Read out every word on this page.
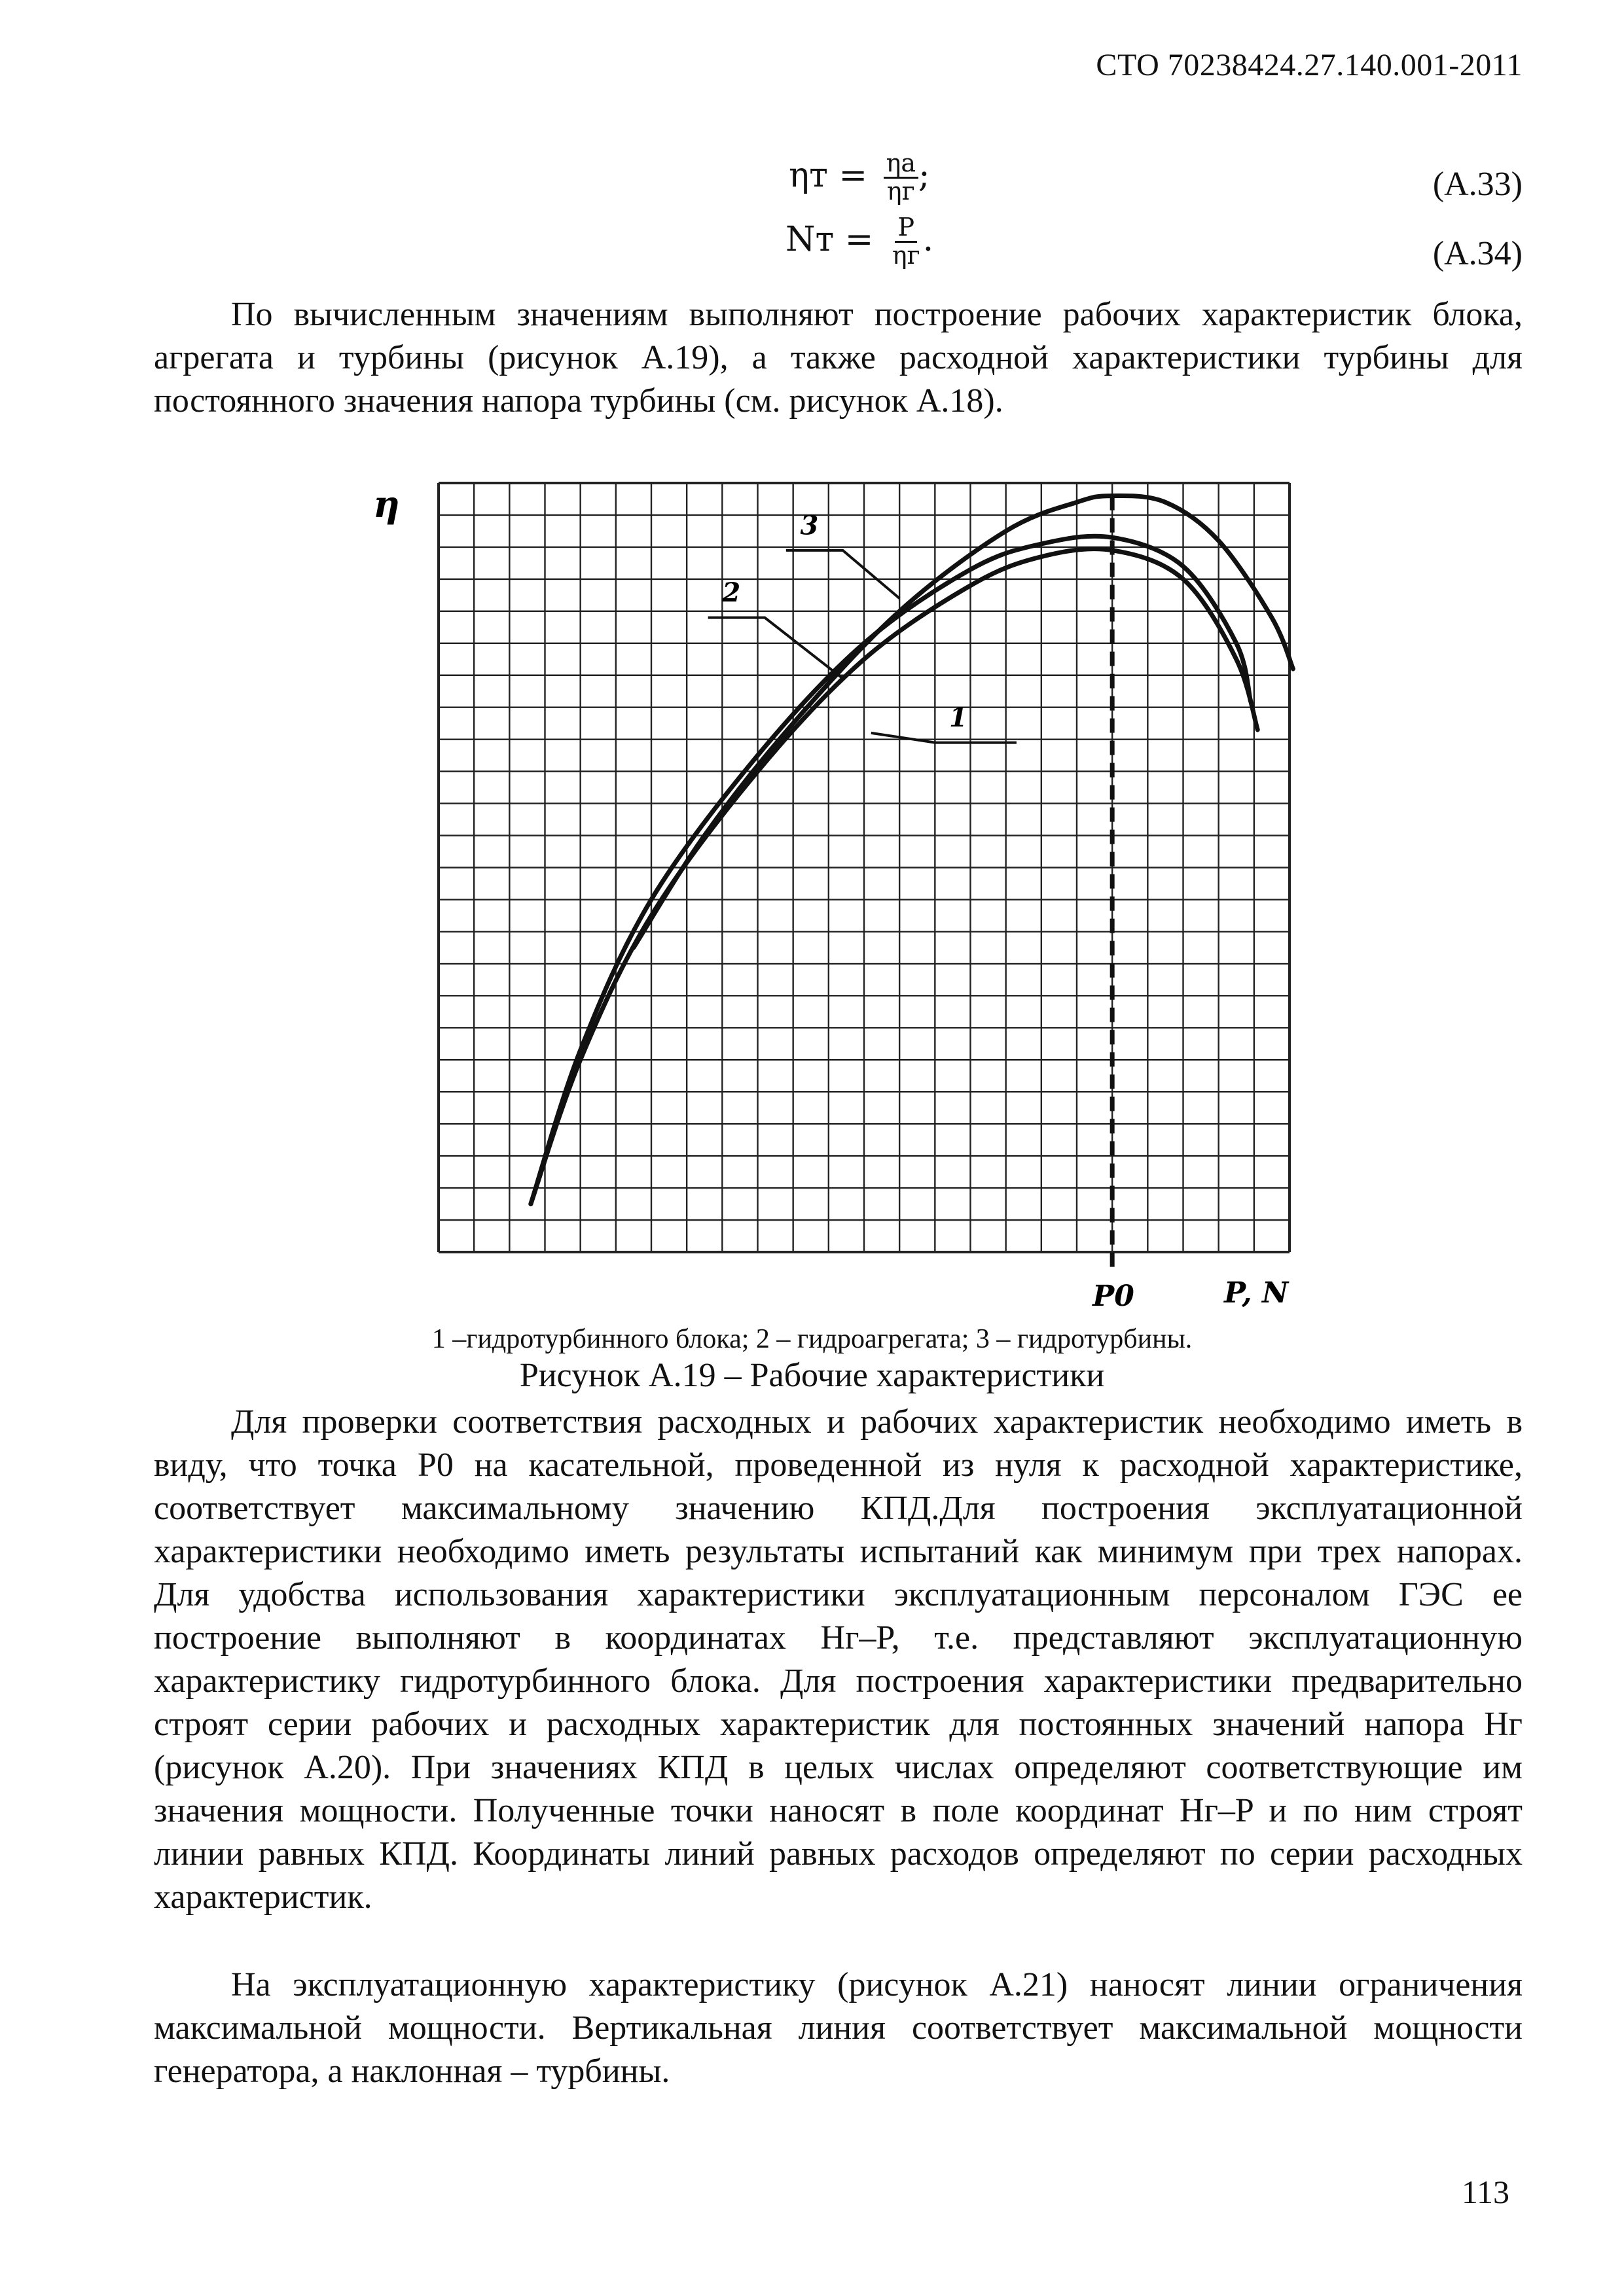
СТО 70238424.27.140.001-2011
$\eta т = \frac{\eta а}{\eta г}$ ;	(А.33)
Nт = $\frac{P}{\eta г}$ .	(А.34)
По вычисленным значениям выполняют построение рабочих характеристик блока, агрегата и турбины (рисунок А.19), а также расходной характеристики турбины для постоянного значения напора турбины (см. рисунок А.18).
1
2
3
η
P, N
P0
1 –гидротурбинного блока; 2 – гидроагрегата; 3 – гидротурбины.
Рисунок А.19 – Рабочие характеристики
Для проверки соответствия расходных и рабочих характеристик необходимо иметь в виду, что точка P0 на касательной, проведенной из нуля к расходной характеристике, соответствует максимальному значению КПД.Для построения эксплуатационной характеристики необходимо иметь результаты испытаний как минимум при трех напорах. Для удобства использования характеристики эксплуатационным персоналом ГЭС ее построение выполняют в координатах Hг–P, т.е. представляют эксплуатационную характеристику гидротурбинного блока. Для построения характеристики предварительно строят серии рабочих и расходных характеристик для постоянных значений напора Hг (рисунок А.20). При значениях КПД в целых числах определяют соответствующие им значения мощности. Полученные точки наносят в поле координат Hг–P и по ним строят линии равных КПД. Координаты линий равных расходов определяют по серии расходных характеристик.
На эксплуатационную характеристику (рисунок А.21) наносят линии ограничения максимальной мощности. Вертикальная линия соответствует максимальной мощности генератора, а наклонная – турбины.
113
